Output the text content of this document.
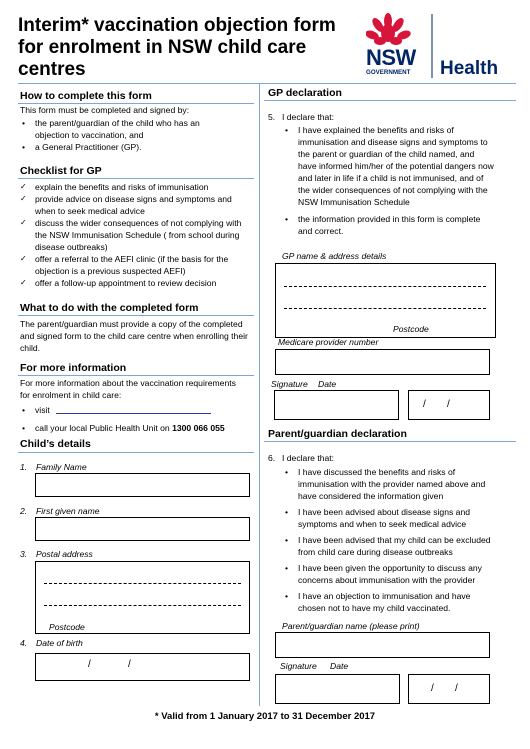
Interim* vaccination objection form for enrolment in NSW child care centres	NSW
GOVERNMENT Health
How to complete this form
This form must be completed and signed by:
• the parent/guardian of the child who has an objection to vaccination, and
• a General Practitioner (GP).
Checklist for GP
✓ explain the benefits and risks of immunisation
✓ provide advice on disease signs and symptoms and when to seek medical advice
✓ discuss the wider consequences of not complying with the NSW Immunisation Schedule ( from school during disease outbreaks)
✓ offer a referral to the AEFI clinic (if the basis for the objection is a previous suspected AEFI)
✓ offer a follow-up appointment to review decision
What to do with the completed form
The parent/guardian must provide a copy of the completed and signed form to the child care centre when enrolling their child.
For more information
For more information about the vaccination requirements for enrolment in child care:
• visit
• call your local Public Health Unit on 1300 066 055
Child’s details
1. Family Name
2. First given name
3. Postal address
Postcode
4. Date of birth
/	/
GP declaration
5. I declare that:
• I have explained the benefits and risks of immunisation and disease signs and symptoms to the parent or guardian of the child named, and have informed him/her of the potential dangers now and later in life if a child is not immunised, and of the wider consequences of not complying with the NSW Immunisation Schedule
• the information provided in this form is complete and correct.
GP name & address details
Postcode
Medicare provider number
Signature Date
/ /
Parent/guardian declaration
6. I declare that:
• I have discussed the benefits and risks of immunisation with the provider named above and have considered the information given
• I have been advised about disease signs and symptoms and when to seek medical advice
• I have been advised that my child can be excluded from child care during disease outbreaks
• I have been given the opportunity to discuss any concerns about immunisation with the provider
• I have an objection to immunisation and have chosen not to have my child vaccinated.
Parent/guardian name (please print)
Signature Date
/ /
* Valid from 1 January 2017 to 31 December 2017
